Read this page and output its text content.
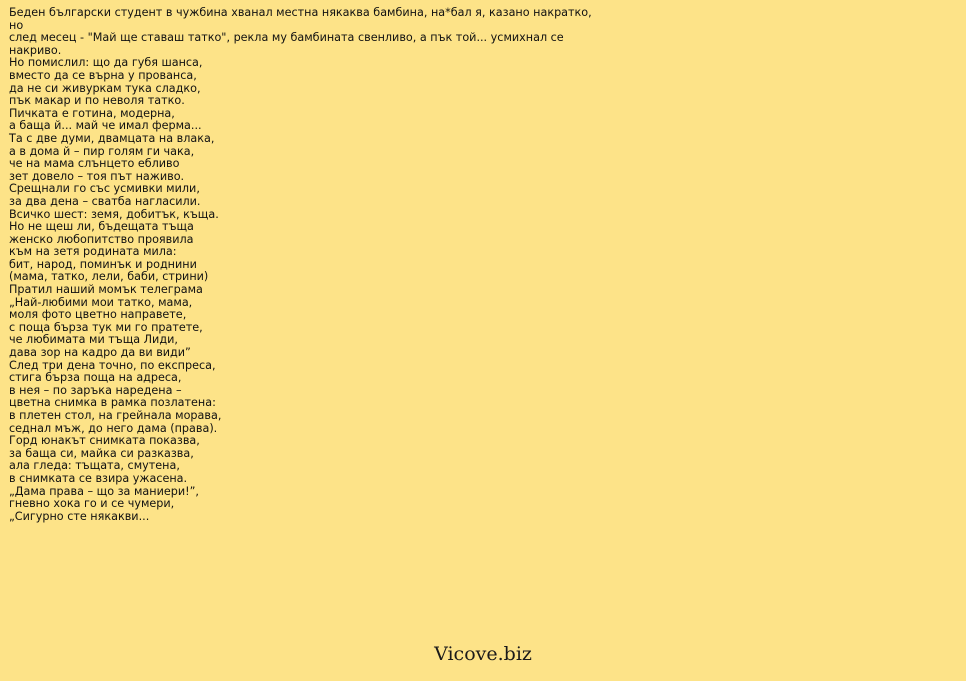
Беден български студент в чужбина хванал местна някаква бамбина, на*бал я, казано накратко, но
след месец - "Май ще ставаш татко", рекла му бамбината свенливо, а пък той... усмихнал се
накриво.

Но помислил: що да губя шанса,
вместо да се върна у прованса,
да не си живуркам тука сладко,
пък макар и по неволя татко.
Пичката е готина, модерна,
а баща й... май че имал ферма...
Та с две думи, двамцата на влака,
а в дома й – пир голям ги чака,
че на мама слънцето ебливо
зет довело – тоя път наживо.
Срещнали го със усмивки мили,
за два дена – сватба нагласили.
Всичко шест: земя, добитък, къща.
Но не щеш ли, бъдещата тъща
женско любопитство проявила
към на зетя родината мила:
бит, народ, поминък и роднини
(мама, татко, лели, баби, стрини)
Пратил наший момък телеграма
„Най-любими мои татко, мама,
моля фото цветно направете,
с поща бърза тук ми го пратете,
че любимата ми тъща Лиди,
дава зор на кадро да ви види”
След три дена точно, по експреса,
стига бърза поща на адреса,
в нея – по заръка наредена –
цветна снимка в рамка позлатена:
в плетен стол, на грейнала морава,
седнал мъж, до него дама (права).
Горд юнакът снимката показва,
за баща си, майка си разказва,
ала гледа: тъщата, смутена,
в снимката се взира ужасена.
„Дама права – що за маниери!”,
гневно хока го и се чумери,
„Сигурно сте някакви...
Vicove.biz
